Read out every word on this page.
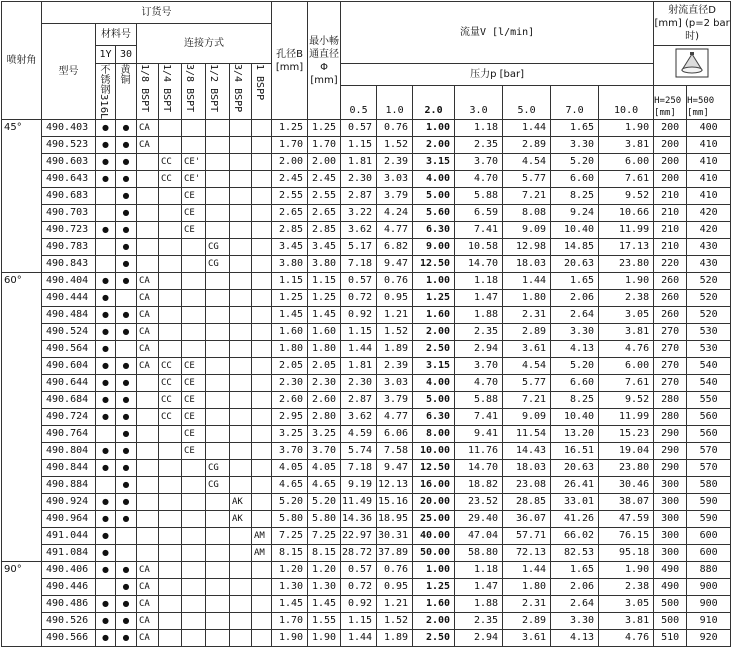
喷射角	订货号									孔径B [mm]	最小畅通直径Φ [mm]	流量V [l/min]							射流直径D [mm] (p=2 bar时)	
	型号	材料号		连接方式																
		1Y	30	
		不锈钢316L	黄铜	1/8 BSPT	1/4 BSPT	3/8 BSPT	1/2 BSPT	3/4 BSPP	1 BSPP			压力p [bar]								
												0.5	1.0	2.0	3.0	5.0	7.0	10.0	H=250 [mm]	H=500 [mm]
45°	490.403	●	●	CA						1.25	1.25	0.57	0.76	1.00	1.18	1.44	1.65	1.90	200	400
	490.523	●	●	CA						1.70	1.70	1.15	1.52	2.00	2.35	2.89	3.30	3.81	200	410
	490.603	●	●		CC	CE'				2.00	2.00	1.81	2.39	3.15	3.70	4.54	5.20	6.00	200	410
	490.643	●	●		CC	CE'				2.45	2.45	2.30	3.03	4.00	4.70	5.77	6.60	7.61	200	410
	490.683		●			CE				2.55	2.55	2.87	3.79	5.00	5.88	7.21	8.25	9.52	210	410
	490.703		●			CE				2.65	2.65	3.22	4.24	5.60	6.59	8.08	9.24	10.66	210	420
	490.723	●	●			CE				2.85	2.85	3.62	4.77	6.30	7.41	9.09	10.40	11.99	210	420
	490.783		●				CG			3.45	3.45	5.17	6.82	9.00	10.58	12.98	14.85	17.13	210	430
	490.843		●				CG			3.80	3.80	7.18	9.47	12.50	14.70	18.03	20.63	23.80	220	430
60°	490.404	●	●	CA						1.15	1.15	0.57	0.76	1.00	1.18	1.44	1.65	1.90	260	520
	490.444	●		CA						1.25	1.25	0.72	0.95	1.25	1.47	1.80	2.06	2.38	260	520
	490.484	●	●	CA						1.45	1.45	0.92	1.21	1.60	1.88	2.31	2.64	3.05	260	520
	490.524	●	●	CA						1.60	1.60	1.15	1.52	2.00	2.35	2.89	3.30	3.81	270	530
	490.564	●		CA						1.80	1.80	1.44	1.89	2.50	2.94	3.61	4.13	4.76	270	530
	490.604	●	●	CA	CC	CE				2.05	2.05	1.81	2.39	3.15	3.70	4.54	5.20	6.00	270	540
	490.644	●	●		CC	CE				2.30	2.30	2.30	3.03	4.00	4.70	5.77	6.60	7.61	270	540
	490.684	●	●		CC	CE				2.60	2.60	2.87	3.79	5.00	5.88	7.21	8.25	9.52	280	550
	490.724	●	●		CC	CE				2.95	2.80	3.62	4.77	6.30	7.41	9.09	10.40	11.99	280	560
	490.764		●			CE				3.25	3.25	4.59	6.06	8.00	9.41	11.54	13.20	15.23	290	560
	490.804	●	●			CE				3.70	3.70	5.74	7.58	10.00	11.76	14.43	16.51	19.04	290	570
	490.844	●	●				CG			4.05	4.05	7.18	9.47	12.50	14.70	18.03	20.63	23.80	290	570
	490.884		●				CG			4.65	4.65	9.19	12.13	16.00	18.82	23.08	26.41	30.46	300	580
	490.924	●	●					AK		5.20	5.20	11.49	15.16	20.00	23.52	28.85	33.01	38.07	300	590
	490.964	●	●					AK		5.80	5.80	14.36	18.95	25.00	29.40	36.07	41.26	47.59	300	590
	491.044	●							AM	7.25	7.25	22.97	30.31	40.00	47.04	57.71	66.02	76.15	300	600
	491.084	●							AM	8.15	8.15	28.72	37.89	50.00	58.80	72.13	82.53	95.18	300	600
90°	490.406	●	●	CA						1.20	1.20	0.57	0.76	1.00	1.18	1.44	1.65	1.90	490	880
	490.446		●	CA						1.30	1.30	0.72	0.95	1.25	1.47	1.80	2.06	2.38	490	900
	490.486	●	●	CA						1.45	1.45	0.92	1.21	1.60	1.88	2.31	2.64	3.05	500	900
	490.526	●	●	CA						1.70	1.55	1.15	1.52	2.00	2.35	2.89	3.30	3.81	500	910
	490.566	●	●	CA						1.90	1.90	1.44	1.89	2.50	2.94	3.61	4.13	4.76	510	920
